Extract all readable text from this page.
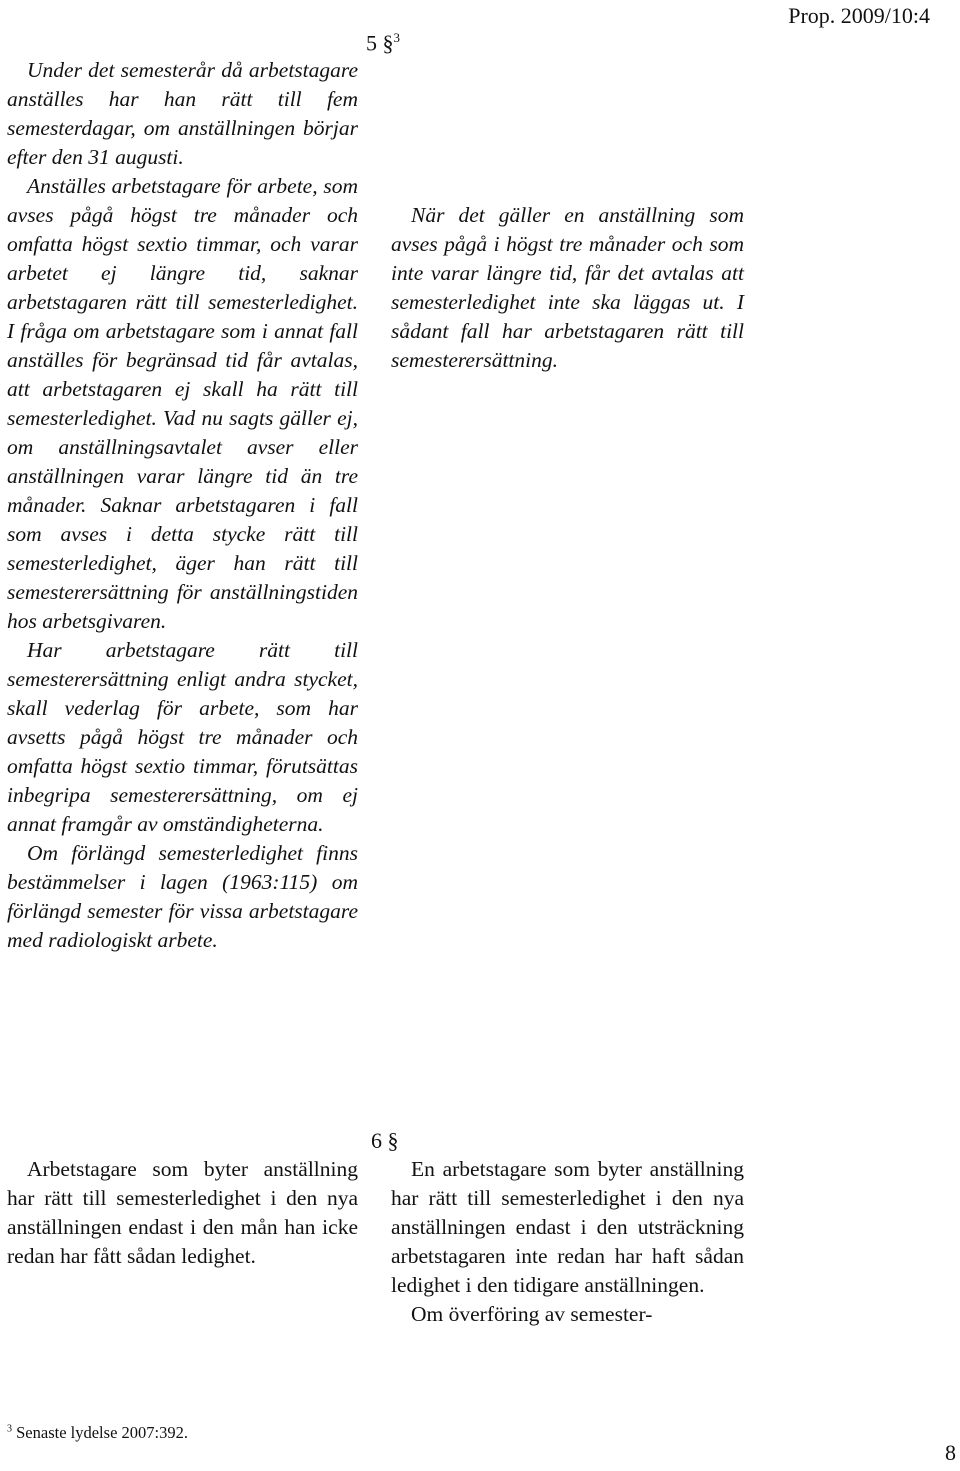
Prop. 2009/10:4
5 §$^3$

Under det semesterår då arbetstagare anställes har han rätt till fem semesterdagar, om anställningen börjar efter den 31 augusti.

Anställes arbetstagare för arbete, som avses pågå högst tre månader och omfatta högst sextio timmar, och varar arbetet ej längre tid, saknar arbetstagaren rätt till semesterledighet. I fråga om arbetstagare som i annat fall anställes för begränsad tid får avtalas, att arbetstagaren ej skall ha rätt till semesterledighet. Vad nu sagts gäller ej, om anställningsavtalet avser eller anställningen varar längre tid än tre månader. Saknar arbetstagaren i fall som avses i detta stycke rätt till semesterledighet, äger han rätt till semesterersättning för anställningstiden hos arbetsgivaren.

Har arbetstagare rätt till semesterersättning enligt andra stycket, skall vederlag för arbete, som har avsetts pågå högst tre månader och omfatta högst sextio timmar, förutsättas inbegripa semesterersättning, om ej annat framgår av omständigheterna.

Om förlängd semesterledighet finns bestämmelser i lagen (1963:115) om förlängd semester för vissa arbetstagare med radiologiskt arbete.

När det gäller en anställning som avses pågå i högst tre månader och som inte varar längre tid, får det avtalas att semesterledighet inte ska läggas ut. I sådant fall har arbetstagaren rätt till semesterersättning.

6 §

Arbetstagare som byter anställning har rätt till semesterledighet i den nya anställningen endast i den mån han icke redan har fått sådan ledighet.

En arbetstagare som byter anställning har rätt till semesterledighet i den nya anställningen endast i den utsträckning arbetstagaren inte redan har haft sådan ledighet i den tidigare anställningen.

Om överföring av semester-

$^3$ Senaste lydelse 2007:392.
8
